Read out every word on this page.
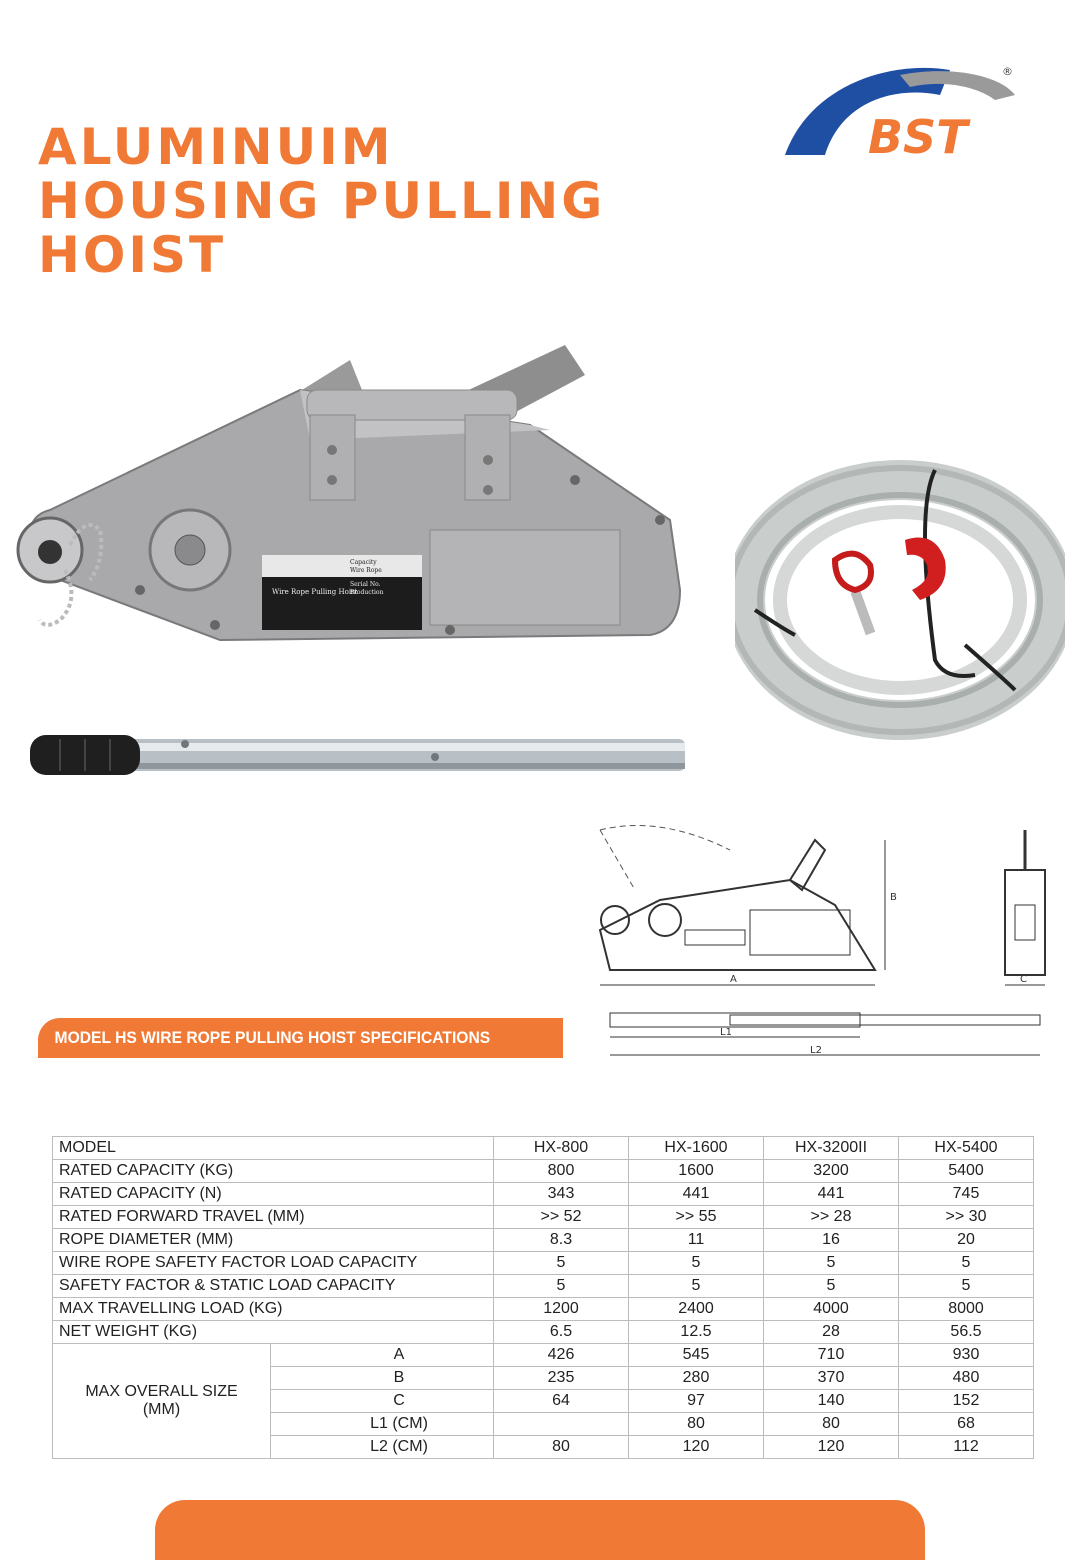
ALUMINUIM
HOUSING PULLING
HOIST
BST
®
Wire Rope Pulling Hoist
Capacity
Wire Rope
Serial No.
Production
B
A	C
L1
L2
MODEL HS WIRE ROPE PULLING HOIST SPECIFICATIONS
MODEL		HX-800	HX-1600	HX-3200II	HX-5400
RATED CAPACITY (KG)		800	1600	3200	5400
RATED CAPACITY (N)		343	441	441	745
RATED FORWARD TRAVEL (MM)		>> 52	>> 55	>> 28	>> 30
ROPE DIAMETER (MM)		8.3	11	16	20
WIRE ROPE SAFETY FACTOR LOAD CAPACITY		5	5	5	5
SAFETY FACTOR & STATIC LOAD CAPACITY		5	5	5	5
MAX TRAVELLING LOAD (KG)		1200	2400	4000	8000
NET WEIGHT (KG)		6.5	12.5	28	56.5

MAX OVERALL SIZE
(MM)	A	426	545	710	930
	B	235	280	370	480
	C	64	97	140	152
	L1 (CM)		80	80	68
	L2 (CM)	80	120	120	112
